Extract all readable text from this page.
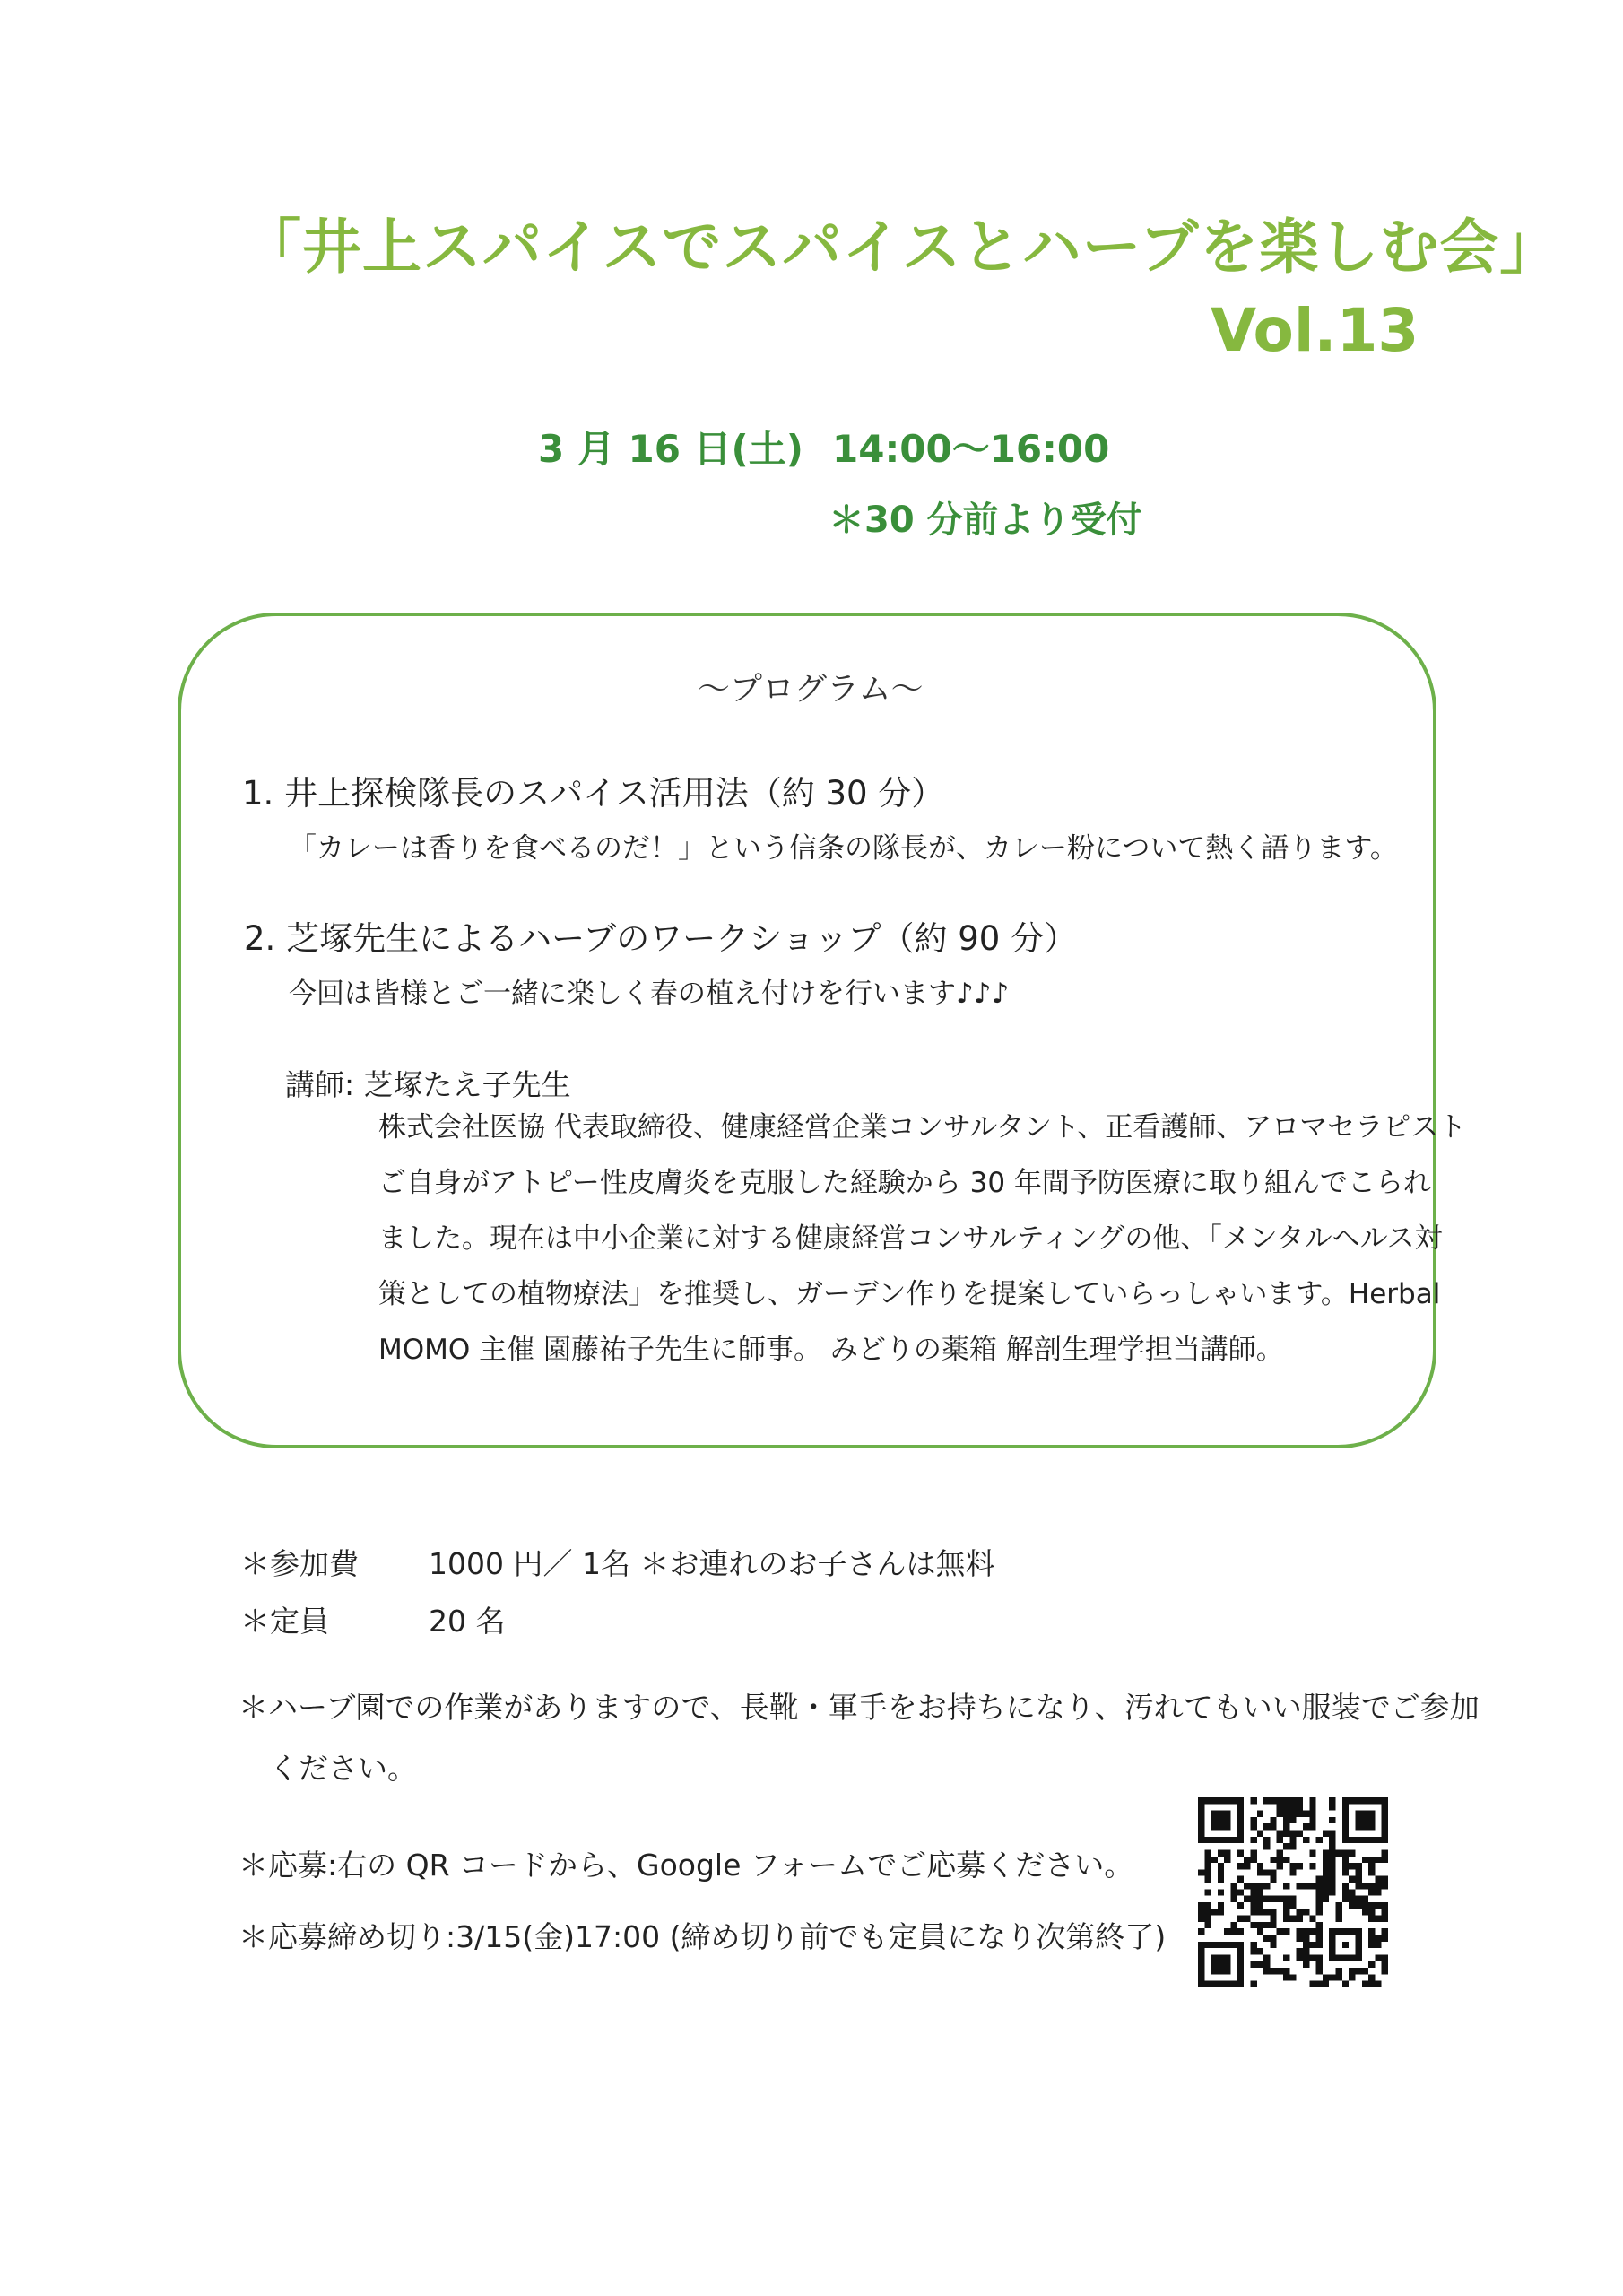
「井上スパイスでスパイスとハーブを楽しむ会」
Vol.13
3 月 16 日(土) 14:00～16:00
＊30 分前より受付
～プログラム～
1. 井上探検隊長のスパイス活用法（約 30 分）
「カレーは香りを食べるのだ！」という信条の隊長が、カレー粉について熱く語ります。
2. 芝塚先生によるハーブのワークショップ（約 90 分）
今回は皆様とご一緒に楽しく春の植え付けを行います♪♪♪
講師: 芝塚たえ子先生
株式会社医協 代表取締役、健康経営企業コンサルタント、正看護師、アロマセラピスト
ご自身がアトピー性皮膚炎を克服した経験から 30 年間予防医療に取り組んでこられ
ました。現在は中小企業に対する健康経営コンサルティングの他、「メンタルヘルス対
策としての植物療法」を推奨し、ガーデン作りを提案していらっしゃいます。Herbal
MOMO 主催 園藤祐子先生に師事。 みどりの薬箱 解剖生理学担当講師。
＊参加費 1000 円／ 1名 ＊お連れのお子さんは無料
＊定員	20 名
＊ハーブ園での作業がありますので、長靴・軍手をお持ちになり、汚れてもいい服装でご参加
ください。
＊応募:右の QR コードから、Google フォームでご応募ください。
＊応募締め切り:3/15(金)17:00 (締め切り前でも定員になり次第終了)
